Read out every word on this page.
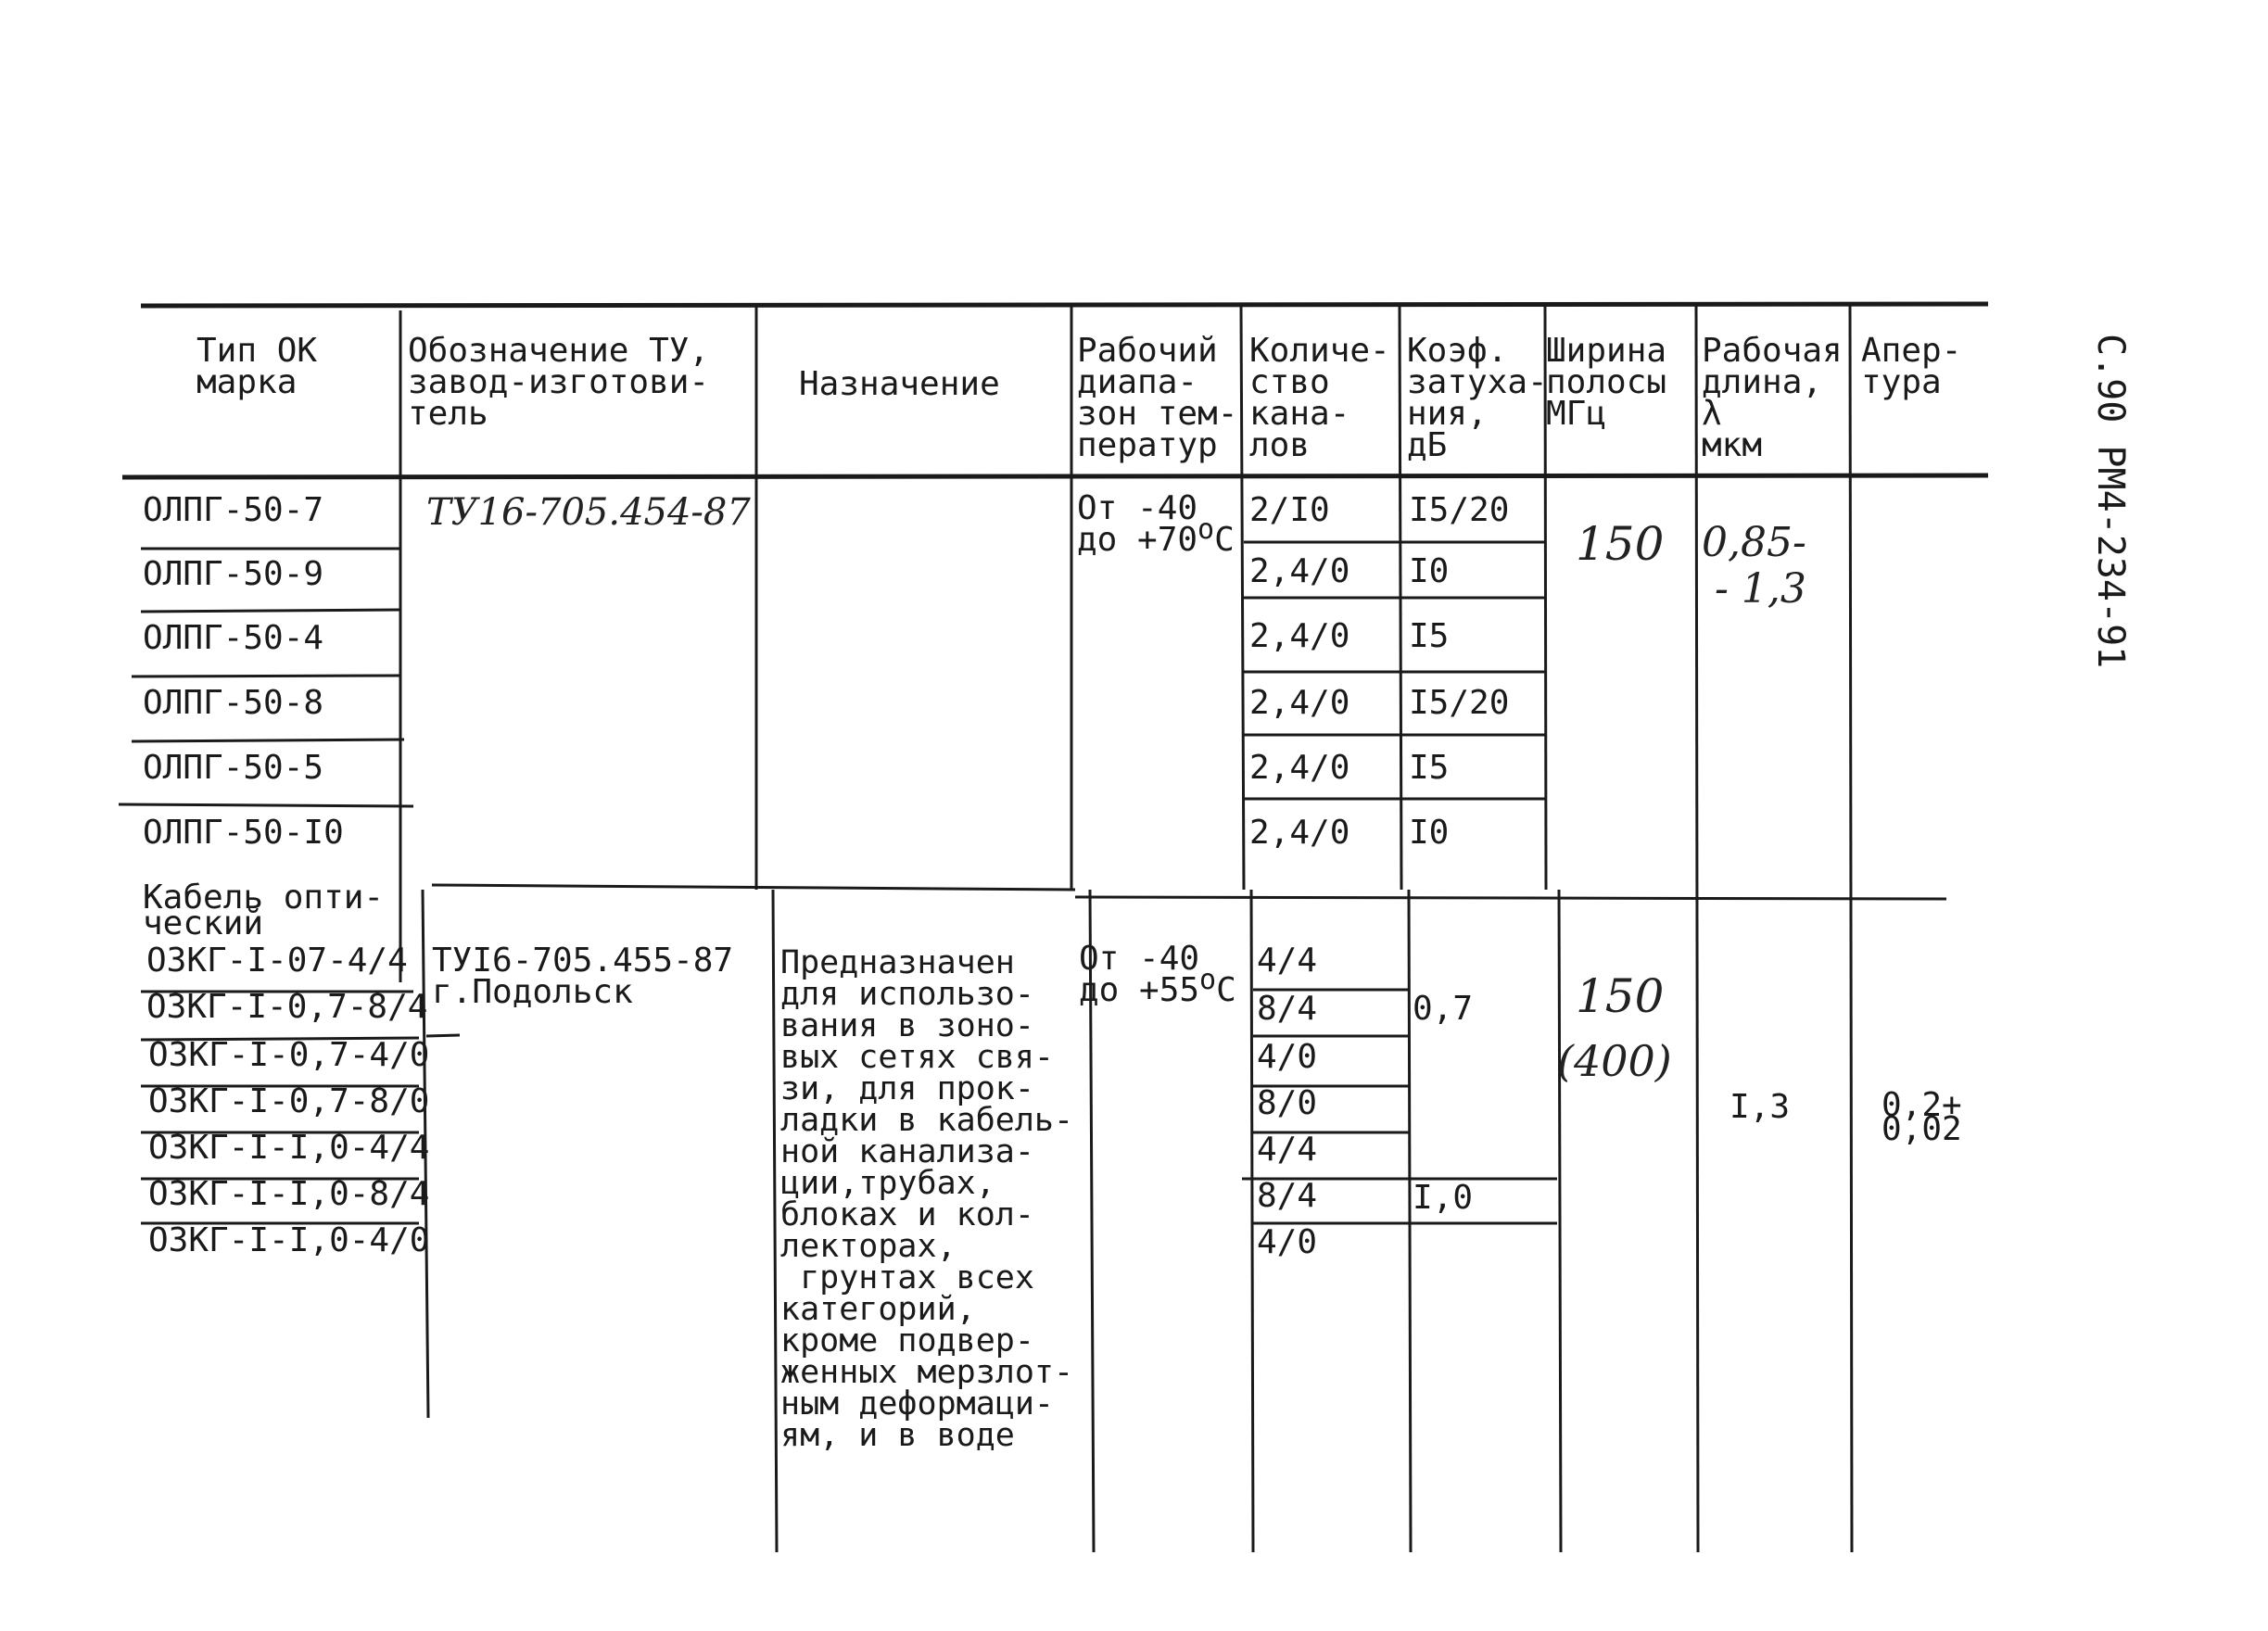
Тип ОК
марка
Обозначение ТУ,
завод-изготови-
тель
Назначение
Рабочий
диапа-
зон тем-
ператур
Количе-
ство
кана-
лов
Коэф.
затуха-
ния,
дБ
Ширина
полосы
МГц
Рабочая
длина,
λ
мкм
Апер-
тура
ОЛПГ-50-7
ОЛПГ-50-9
ОЛПГ-50-4
ОЛПГ-50-8
ОЛПГ-50-5
ОЛПГ-50-I0
ТУ16-705.454-87	От -40
до $+70^оС$
2/I0
2,4/0
2,4/0
2,4/0
2,4/0
2,4/0
I5/20
I0
I5
I5/20
I5
I0
150 0,85-
- 1,3
Кабель опти-
ческий
ОЗКГ-I-07-4/4
ОЗКГ-I-0,7-8/4
ОЗКГ-I-0,7-4/0
ОЗКГ-I-0,7-8/0
ОЗКГ-I-I,0-4/4
ОЗКГ-I-I,0-8/4
ОЗКГ-I-I,0-4/0
ТУI6-705.455-87
г.Подольск
Предназначен
для использо-
вания в зоно-
вых сетях свя-
зи, для прок-
ладки в кабель-
ной канализа-
ции,трубах,
блоках и кол-
лекторах,
грунтах всех
категорий,
кроме подвер-
женных мерзлот-
ным деформаци-
ям, и в воде
От -40
до $+55^оС$
4/4
8/4
4/0
8/0
4/4
8/4
4/0
0,7
I,0
150
(400)
I,3	0,2+
0,02
С.90 РМ4-234-91
